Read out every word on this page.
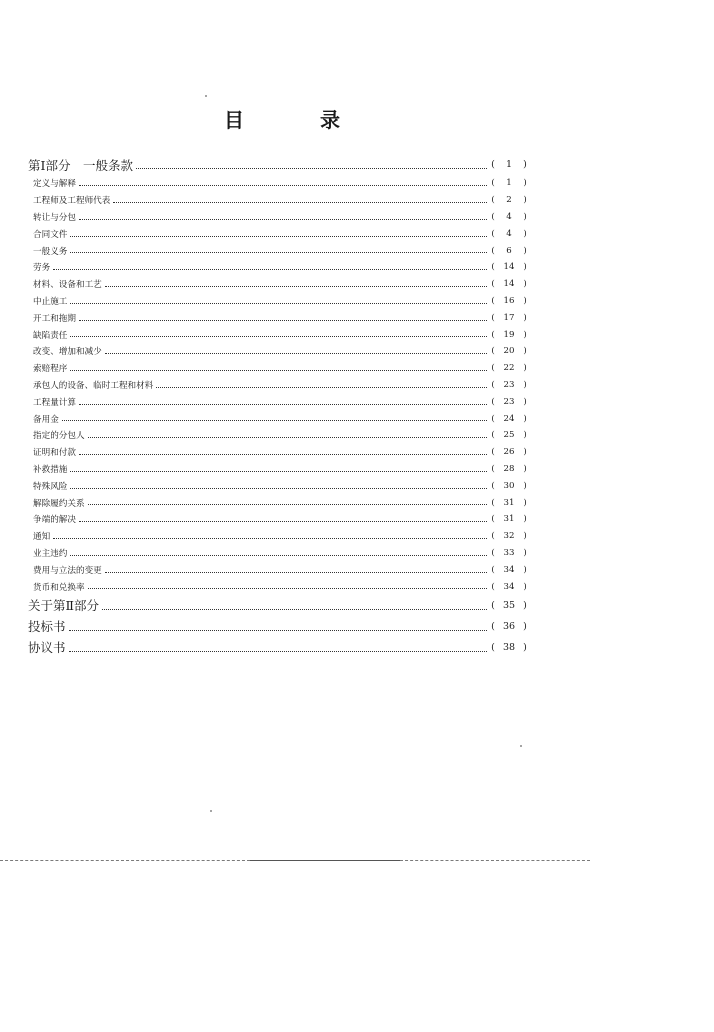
目　录
第Ⅰ部分　一般条款	(	1	)
定义与解释	(	1	)
工程师及工程师代表	(	2	)
转让与分包	(	4	)
合同文件	(	4	)
一般义务	(	6	)
劳务	(	14	)
材料、设备和工艺	(	14	)
中止施工	(	16	)
开工和拖期	(	17	)
缺陷责任	(	19	)
改变、增加和减少	(	20	)
索赔程序	(	22	)
承包人的设备、临时工程和材料	(	23	)
工程量计算	(	23	)
备用金	(	24	)
指定的分包人	(	25	)
证明和付款	(	26	)
补救措施	(	28	)
特殊风险	(	30	)
解除履约关系	(	31	)
争端的解决	(	31	)
通知	(	32	)
业主违约	(	33	)
费用与立法的变更	(	34	)
货币和兑换率	(	34	)
关于第Ⅱ部分	( 35 )
投标书	( 36 )
协议书	( 38 )
